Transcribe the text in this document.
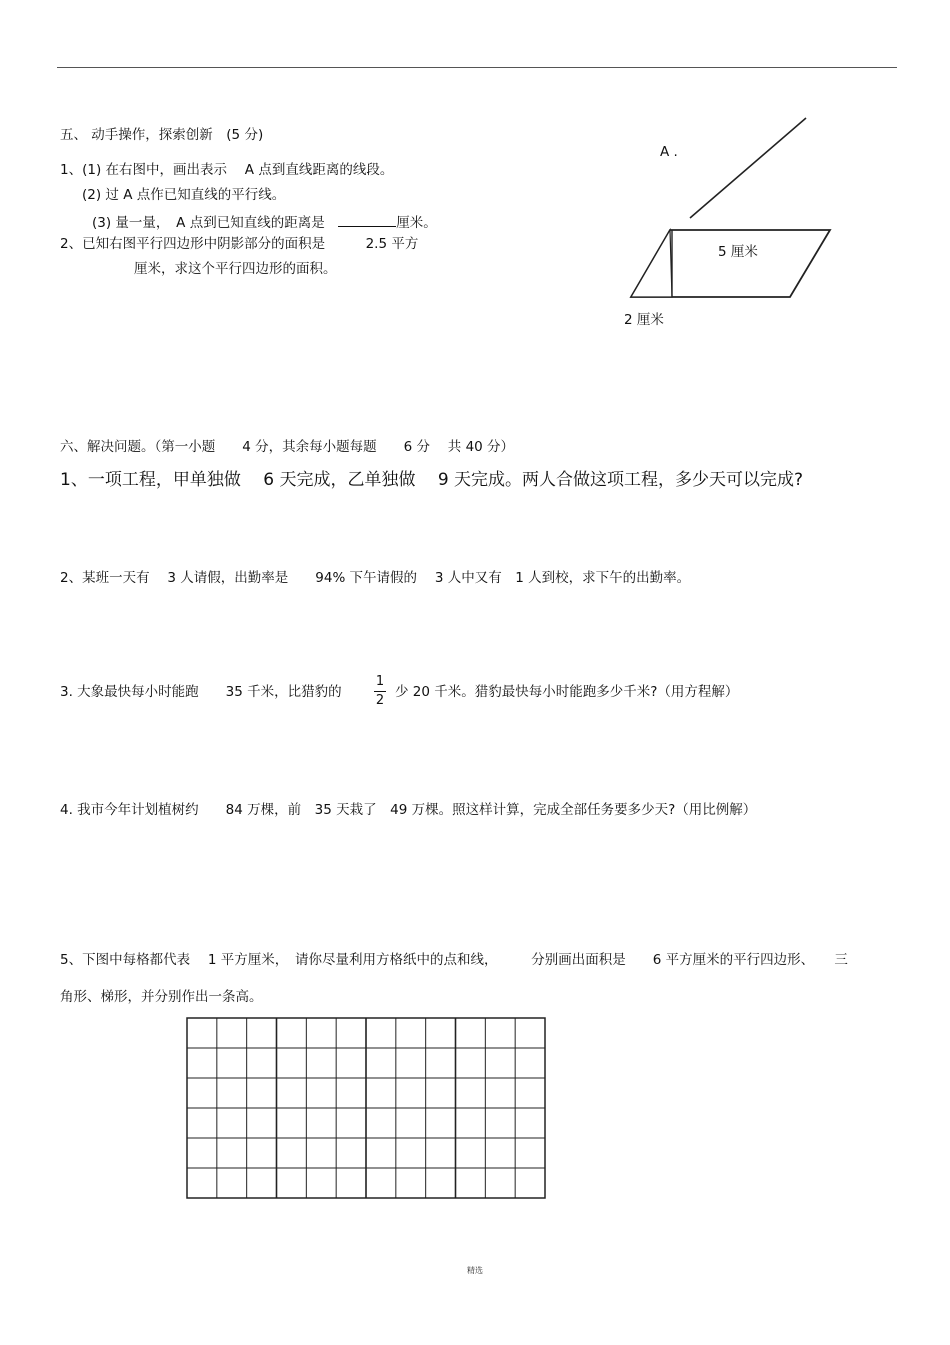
五、 动手操作，探索创新　(5 分)
1、(1) 在右图中，画出表示　 A 点到直线距离的线段。
(2) 过 A 点作已知直线的平行线。
(3) 量一量，　A 点到已知直线的距离是　	厘米。
2、已知右图平行四边形中阴影部分的面积是　　　2.5 平方
厘米，求这个平行四边形的面积。
A .
5 厘米
2 厘米
六、解决问题。（第一小题　　4 分，其余每小题每题　　6 分　 共 40 分）
1、一项工程，甲单独做　 6 天完成，乙单独做　 9 天完成。两人合做这项工程，多少天可以完成?
2、某班一天有　 3 人请假，出勤率是　　94% 下午请假的　 3 人中又有　1 人到校，求下午的出勤率。
3. 大象最快每小时能跑　　35 千米，比猎豹的 $\frac{1}{2}$ 少 20 千米。猎豹最快每小时能跑多少千米?（用方程解）
4. 我市今年计划植树约　　84 万棵，前　35 天栽了　49 万棵。照这样计算，完成全部任务要多少天?（用比例解）
5、下图中每格都代表　 1 平方厘米，　请你尽量利用方格纸中的点和线，　　　分别画出面积是　　6 平方厘米的平行四边形、　　三
角形、梯形，并分别作出一条高。
精选
